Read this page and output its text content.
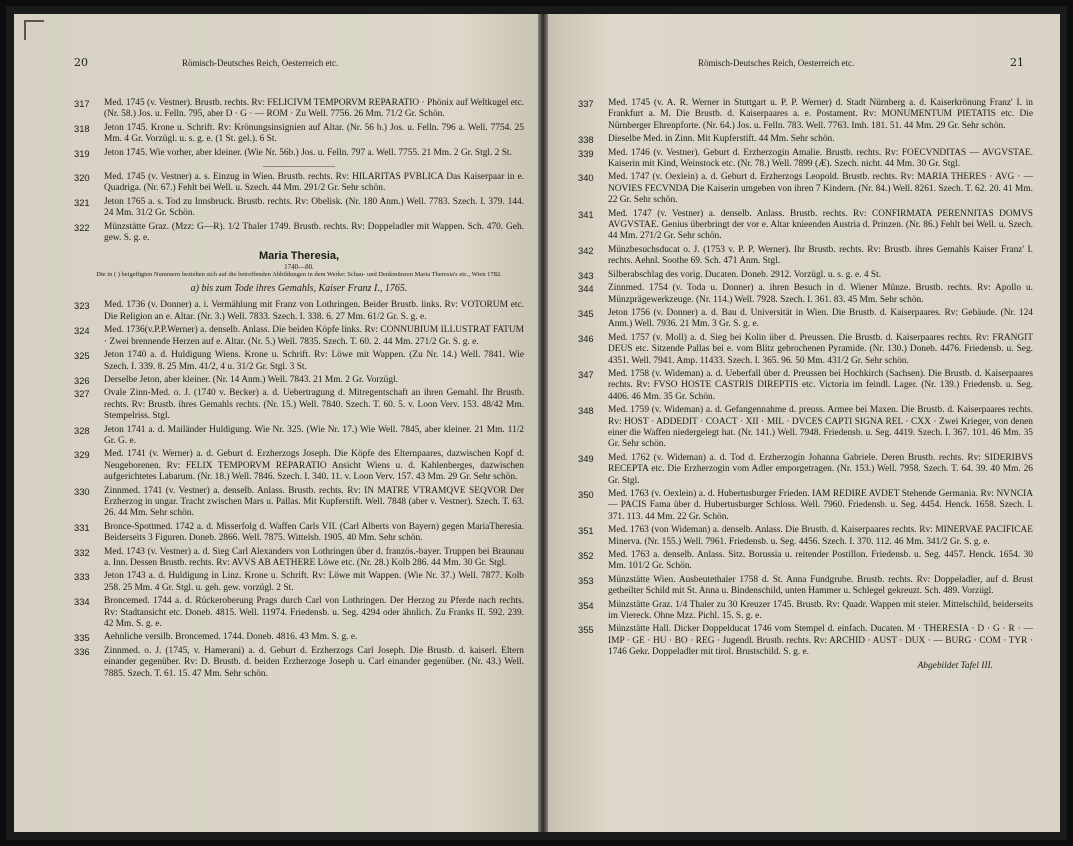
20	Römisch-Deutsches Reich, Oesterreich etc.
317 Med. 1745 (v. Vestner). Brustb. rechts. Rv: FELICIVM TEMPORVM REPARATIO · Phönix auf Weltkugel etc. (Nr. 58.) Jos. u. Felln. 795, aber D · G · — ROM · Zu Well. 7756. 26 Mm. 71/2 Gr. Schön.
318 Jeton 1745. Krone u. Schrift. Rv: Krönungsinsignien auf Altar. (Nr. 56 b.) Jos. u. Felln. 796 a. Well. 7754. 25 Mm. 4 Gr. Vorzügl. u. s. g. e. (1 St. gel.). 6 St.
319 Jeton 1745. Wie vorher, aber kleiner. (Wie Nr. 56b.) Jos. u. Felln. 797 a. Well. 7755. 21 Mm. 2 Gr. Stgl. 2 St.
—————————
320 Med. 1745 (v. Vestner) a. s. Einzug in Wien. Brustb. rechts. Rv: HILARITAS PVBLICA Das Kaiserpaar in e. Quadriga. (Nr. 67.) Fehlt bei Well. u. Szech. 44 Mm. 291/2 Gr. Sehr schön.
321 Jeton 1765 a. s. Tod zu Innsbruck. Brustb. rechts. Rv: Obelisk. (Nr. 180 Anm.) Well. 7783. Szech. I. 379. 144. 24 Mm. 31/2 Gr. Schön.
322 Münzstätte Graz. (Mzz: G—R). 1/2 Thaler 1749. Brustb. rechts. Rv: Doppeladler mit Wappen. Sch. 470. Geh. gew. S. g. e.
Maria Theresia,
1740—80.
Die in ( ) beigefügten Nummern beziehen sich auf die betreffenden Abbildungen in dem Werke: Schau- und Denkmünzen Maria Theresia's etc., Wien 1782.
a) bis zum Tode ihres Gemahls, Kaiser Franz I., 1765.
323 Med. 1736 (v. Donner) a. i. Vermählung mit Franz von Lothringen. Beider Brustb. links. Rv: VOTORUM etc. Die Religion an e. Altar. (Nr. 3.) Well. 7833. Szech. I. 338. 6. 27 Mm. 61/2 Gr. S. g. e.
324 Med. 1736(v.P.P.Werner) a. denselb. Anlass. Die beiden Köpfe links. Rv: CONNUBIUM ILLUSTRAT FATUM · Zwei brennende Herzen auf e. Altar. (Nr. 5.) Well. 7835. Szech. T. 60. 2. 44 Mm. 271/2 Gr. S. g. e.
325 Jeton 1740 a. d. Huldigung Wiens. Krone u. Schrift. Rv: Löwe mit Wappen. (Zu Nr. 14.) Well. 7841. Wie Szech. I. 339. 8. 25 Mm. 41/2, 4 u. 31/2 Gr. Stgl. 3 St.
326 Derselbe Jeton, aber kleiner. (Nr. 14 Anm.) Well. 7843. 21 Mm. 2 Gr. Vorzügl.
327 Ovale Zinn-Med. o. J. (1740 v. Becker) a. d. Uebertragung d. Mitregentschaft an ihren Gemahl. Ihr Brustb. rechts. Rv: Brustb. ihres Gemahls rechts. (Nr. 15.) Well. 7840. Szech. T. 60. 5. v. Loon Verv. 153. 48/42 Mm. Stempelriss. Stgl.
328 Jeton 1741 a. d. Mailänder Huldigung. Wie Nr. 325. (Wie Nr. 17.) Wie Well. 7845, aber kleiner. 21 Mm. 11/2 Gr. G. e.
329 Med. 1741 (v. Werner) a. d. Geburt d. Erzherzogs Joseph. Die Köpfe des Elternpaares, dazwischen Kopf d. Neugeborenen. Rv: FELIX TEMPORVM REPARATIO Ansicht Wiens u. d. Kahlenberges, dazwischen aufgerichtetes Labarum. (Nr. 18.) Well. 7846. Szech. I. 340. 11. v. Loon Verv. 157. 43 Mm. 29 Gr. Sehr schön.
330 Zinnmed. 1741 (v. Vestner) a. denselb. Anlass. Brustb. rechts. Rv: IN MATRE VTRAMQVE SEQVOR Der Erzherzog in ungar. Tracht zwischen Mars u. Pallas. Mit Kupferstift. Well. 7848 (aber v. Vestner). Szech. T. 63. 26. 44 Mm. Sehr schön.
331 Bronce-Spottmed. 1742 a. d. Misserfolg d. Waffen Carls VII. (Carl Alberts von Bayern) gegen MariaTheresia. Beiderseits 3 Figuren. Doneb. 2866. Well. 7875. Wittelsb. 1905. 40 Mm. Sehr schön.
332 Med. 1743 (v. Vestner) a. d. Sieg Carl Alexanders von Lothringen über d. französ.-bayer. Truppen bei Braunau a. Inn. Dessen Brustb. rechts. Rv: AVVS AB AETHERE Löwe etc. (Nr. 28.) Kolb 286. 44 Mm. 30 Gr. Stgl.
333 Jeton 1743 a. d. Huldigung in Linz. Krone u. Schrift. Rv: Löwe mit Wappen. (Wie Nr. 37.) Well. 7877. Kolb 258. 25 Mm. 4 Gr. Stgl. u. geh. gew. vorzügl. 2 St.
334 Broncemed. 1744 a. d. Rückeroberung Prags durch Carl von Lothringen. Der Herzog zu Pferde nach rechts. Rv: Stadtansicht etc. Doneb. 4815. Well. 11974. Friedensb. u. Seg. 4294 oder ähnlich. Zu Franks II. 592. 239. 42 Mm. S. g. e.
335 Aehnliche versilb. Broncemed. 1744. Doneb. 4816. 43 Mm. S. g. e.
336 Zinnmed. o. J. (1745, v. Hamerani) a. d. Geburt d. Erzherzogs Carl Joseph. Die Brustb. d. kaiserl. Eltern einander gegenüber. Rv: D. Brustb. d. beiden Erzherzoge Joseph u. Carl einander gegenüber. (Nr. 43.) Well. 7885. Szech. T. 61. 15. 47 Mm. Sehr schön.
Römisch-Deutsches Reich, Oesterreich etc.	21
337 Med. 1745 (v. A. R. Werner in Stuttgart u. P. P. Werner) d. Stadt Nürnberg a. d. Kaiserkrönung Franz' I. in Frankfurt a. M. Die Brustb. d. Kaiserpaares a. e. Postament. Rv: MONUMENTUM PIETATIS etc. Die Nürnberger Ehrenpforte. (Nr. 64.) Jos. u. Felln. 783. Well. 7763. Imh. 181. 51. 44 Mm. 29 Gr. Sehr schön.
338 Dieselbe Med. in Zinn. Mit Kupferstift. 44 Mm. Sehr schön.
339 Med. 1746 (v. Vestner). Geburt d. Erzherzogin Amalie. Brustb. rechts. Rv: FOECVNDITAS — AVGVSTAE. Kaiserin mit Kind, Weinstock etc. (Nr. 78.) Well. 7899 (Æ). Szech. nicht. 44 Mm. 30 Gr. Stgl.
340 Med. 1747 (v. Oexlein) a. d. Geburt d. Erzherzogs Leopold. Brustb. rechts. Rv: MARIA THERES · AVG · — NOVIES FECVNDA Die Kaiserin umgeben von ihren 7 Kindern. (Nr. 84.) Well. 8261. Szech. T. 62. 20. 41 Mm. 22 Gr. Sehr schön.
341 Med. 1747 (v. Vestner) a. denselb. Anlass. Brustb. rechts. Rv: CONFIRMATA PERENNITAS DOMVS AVGVSTAE. Genius überbringt der vor e. Altar knieenden Austria d. Prinzen. (Nr. 86.) Fehlt bei Well. u. Szech. 44 Mm. 271/2 Gr. Sehr schön.
342 Münzbesuchsducat o. J. (1753 v. P. P. Werner). Ihr Brustb. rechts. Rv: Brustb. ihres Gemahls Kaiser Franz' I. rechts. Aehnl. Soothe 69. Sch. 471 Anm. Stgl.
343 Silberabschlag des vorig. Ducaten. Doneb. 2912. Vorzügl. u. s. g. e. 4 St.
344 Zinnmed. 1754 (v. Toda u. Donner) a. ihren Besuch in d. Wiener Münze. Brustb. rechts. Rv: Apollo u. Münzprägewerkzeuge. (Nr. 114.) Well. 7928. Szech. I. 361. 83. 45 Mm. Sehr schön.
345 Jeton 1756 (v. Donner) a. d. Bau d. Universität in Wien. Die Brustb. d. Kaiserpaares. Rv: Gebäude. (Nr. 124 Anm.) Well. 7936. 21 Mm. 3 Gr. S. g. e.
346 Med. 1757 (v. Moll) a. d. Sieg bei Kolin über d. Preussen. Die Brustb. d. Kaiserpaares rechts. Rv: FRANGIT DEUS etc. Sitzende Pallas bei e. vom Blitz gebrochenen Pyramide. (Nr. 130.) Doneb. 4476. Friedensb. u. Seg. 4351. Well. 7941. Amp. 11433. Szech. I. 365. 96. 50 Mm. 431/2 Gr. Sehr schön.
347 Med. 1758 (v. Wideman) a. d. Ueberfall über d. Preussen bei Hochkirch (Sachsen). Die Brustb. d. Kaiserpaares rechts. Rv: FVSO HOSTE CASTRIS DIREPTIS etc. Victoria im feindl. Lager. (Nr. 139.) Friedensb. u. Seg. 4406. 46 Mm. 35 Gr. Schön.
348 Med. 1759 (v. Wideman) a. d. Gefangennahme d. preuss. Armee bei Maxen. Die Brustb. d. Kaiserpaares rechts. Rv: HOST · ADDEDIT · COACT · XII · MIL · DVCES CAPTI SIGNA REL · CXX · Zwei Krieger, von denen einer die Waffen niedergelegt hat. (Nr. 141.) Well. 7948. Friedensb. u. Seg. 4419. Szech. I. 367. 101. 46 Mm. 35 Gr. Sehr schön.
349 Med. 1762 (v. Wideman) a. d. Tod d. Erzherzogin Johanna Gabriele. Deren Brustb. rechts. Rv: SIDERIBVS RECEPTA etc. Die Erzherzogin vom Adler emporgetragen. (Nr. 153.) Well. 7958. Szech. T. 64. 39. 40 Mm. 26 Gr. Stgl.
350 Med. 1763 (v. Oexlein) a. d. Hubertusburger Frieden. IAM REDIRE AVDET Stehende Germania. Rv: NVNCIA — PACIS Fama über d. Hubertusburger Schloss. Well. 7960. Friedensb. u. Seg. 4454. Henck. 1658. Szech. I. 371. 113. 44 Mm. 22 Gr. Schön.
351 Med. 1763 (von Wideman) a. denselb. Anlass. Die Brustb. d. Kaiserpaares rechts. Rv: MINERVAE PACIFICAE Minerva. (Nr. 155.) Well. 7961. Friedensb. u. Seg. 4456. Szech. I. 370. 112. 46 Mm. 341/2 Gr. S. g. e.
352 Med. 1763 a. denselb. Anlass. Sitz. Borussia u. reitender Postillon. Friedensb. u. Seg. 4457. Henck. 1654. 30 Mm. 101/2 Gr. Schön.
353 Münzstätte Wien. Ausbeutethaler 1758 d. St. Anna Fundgrube. Brustb. rechts. Rv: Doppeladler, auf d. Brust getheilter Schild mit St. Anna u. Bindenschild, unten Hammer u. Schlegel gekreuzt. Sch. 489. Vorzügl.
354 Münzstätte Graz. 1/4 Thaler zu 30 Kreuzer 1745. Brustb. Rv: Quadr. Wappen mit steier. Mittelschild, beiderseits im Viereck. Ohne Mzz. Pichl. 15. S. g. e.
355 Münzstätte Hall. Dicker Doppelducat 1746 vom Stempel d. einfach. Ducaten. M · THERESIA · D · G · R · — IMP · GE · HU · BO · REG · Jugendl. Brustb. rechts. Rv: ARCHID · AUST · DUX · — BURG · COM · TYR · 1746 Gekr. Doppeladler mit tirol. Brustschild. S. g. e.
Abgebildet Tafel III.
